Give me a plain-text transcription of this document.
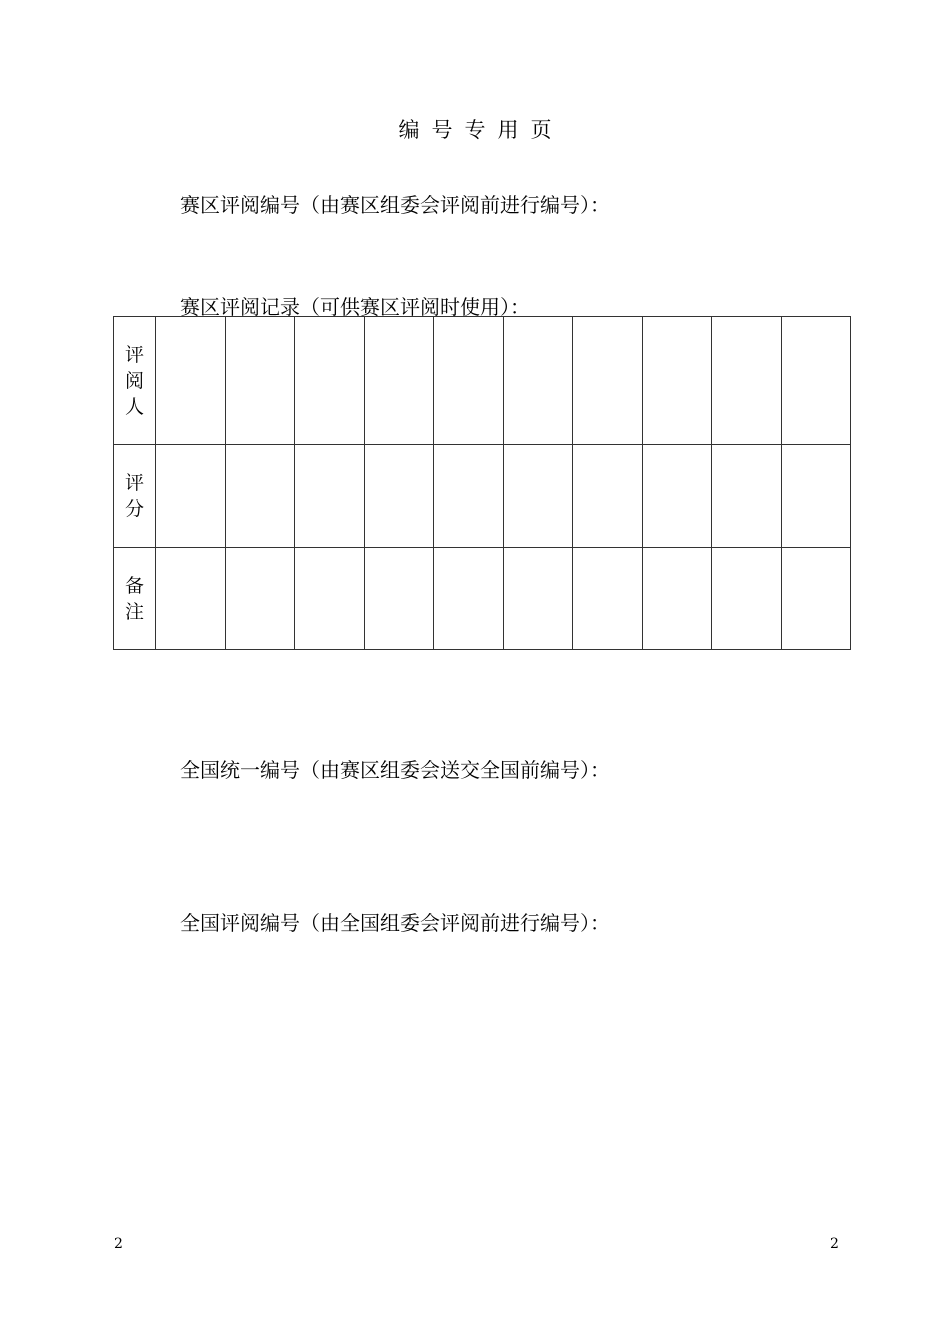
编号专用页
赛区评阅编号（由赛区组委会评阅前进行编号）：
赛区评阅记录（可供赛区评阅时使用）：
评阅人										
评分										
备注										
全国统一编号（由赛区组委会送交全国前编号）：
全国评阅编号（由全国组委会评阅前进行编号）：
2	2
